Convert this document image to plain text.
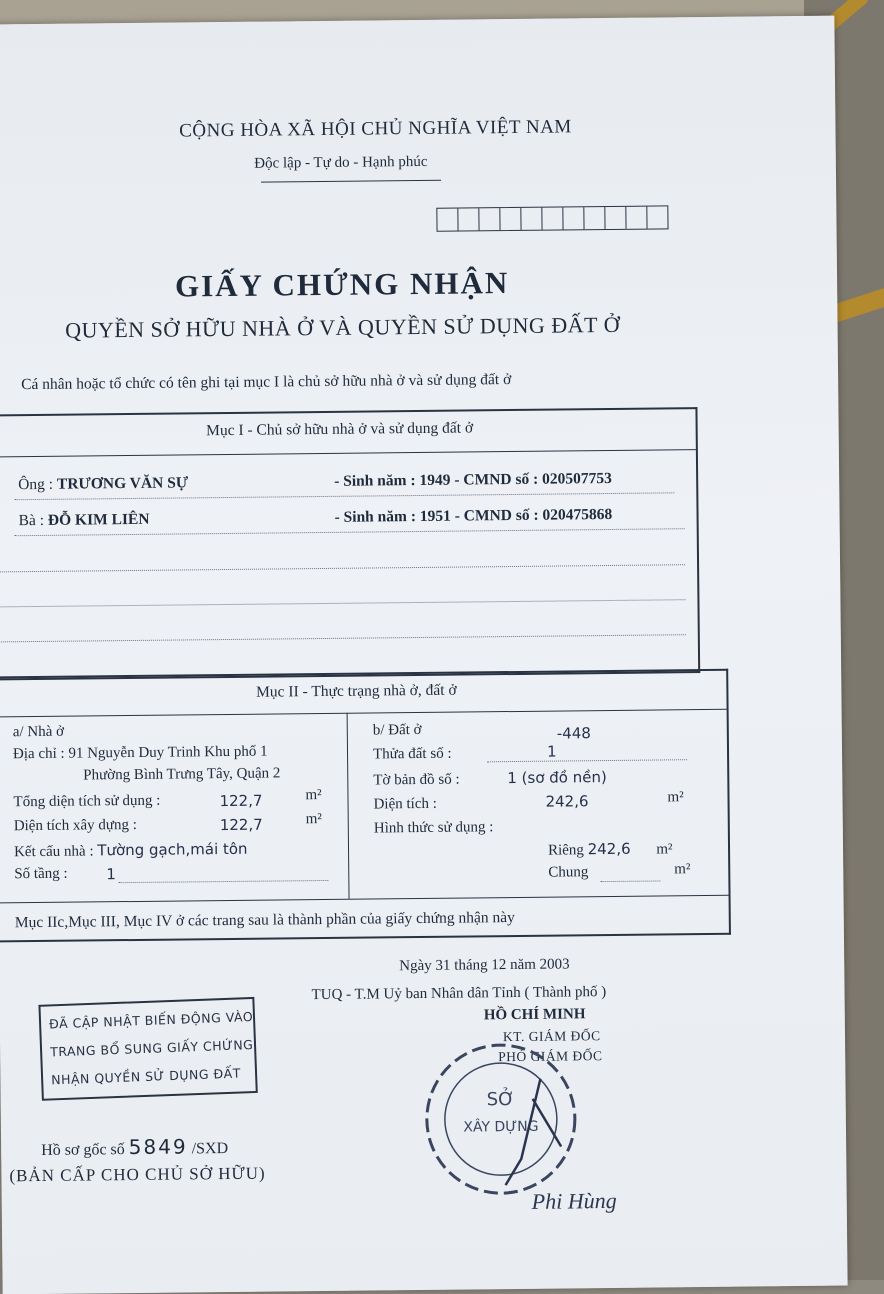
CỘNG HÒA XÃ HỘI CHỦ NGHĨA VIỆT NAM
Độc lập - Tự do - Hạnh phúc
GIẤY CHỨNG NHẬN
QUYỀN SỞ HỮU NHÀ Ở VÀ QUYỀN SỬ DỤNG ĐẤT Ở
Cá nhân hoặc tổ chức có tên ghi tại mục I là chủ sở hữu nhà ở và sử dụng đất ở
Mục I - Chủ sở hữu nhà ở và sử dụng đất ở
Ông : TRƯƠNG VĂN SỰ	- Sinh năm : 1949 - CMND số : 020507753
Bà : ĐỖ KIM LIÊN	- Sinh năm : 1951 - CMND số : 020475868
Mục II - Thực trạng nhà ở, đất ở
a/ Nhà ở
Địa chỉ : 91 Nguyễn Duy Trinh Khu phố 1
Phường Bình Trưng Tây, Quận 2
Tổng diện tích sử dụng :	122,7	m²
Diện tích xây dựng :	122,7	m²
Kết cấu nhà : Tường gạch,mái tôn
Số tầng :	1
b/ Đất ở	-448
Thửa đất số :	1
Tờ bản đồ số :	1 (sơ đồ nền)
Diện tích :	242,6	m²
Hình thức sử dụng :
Riêng 242,6 m²
Chung	m²
Mục IIc,Mục III, Mục IV ở các trang sau là thành phần của giấy chứng nhận này
Ngày 31 tháng 12 năm 2003
TUQ - T.M Uỷ ban Nhân dân Tỉnh ( Thành phố )
HỒ CHÍ MINH
KT. GIÁM ĐỐC
PHÓ GIÁM ĐỐC
SỞ
XÂY DỰNG
Phi Hùng
ĐÃ CẬP NHẬT BIẾN ĐỘNG VÀO
TRANG BỔ SUNG GIẤY CHỨNG
NHẬN QUYỀN SỬ DỤNG ĐẤT
Hồ sơ gốc số 5849 /SXD
(BẢN CẤP CHO CHỦ SỞ HỮU)
